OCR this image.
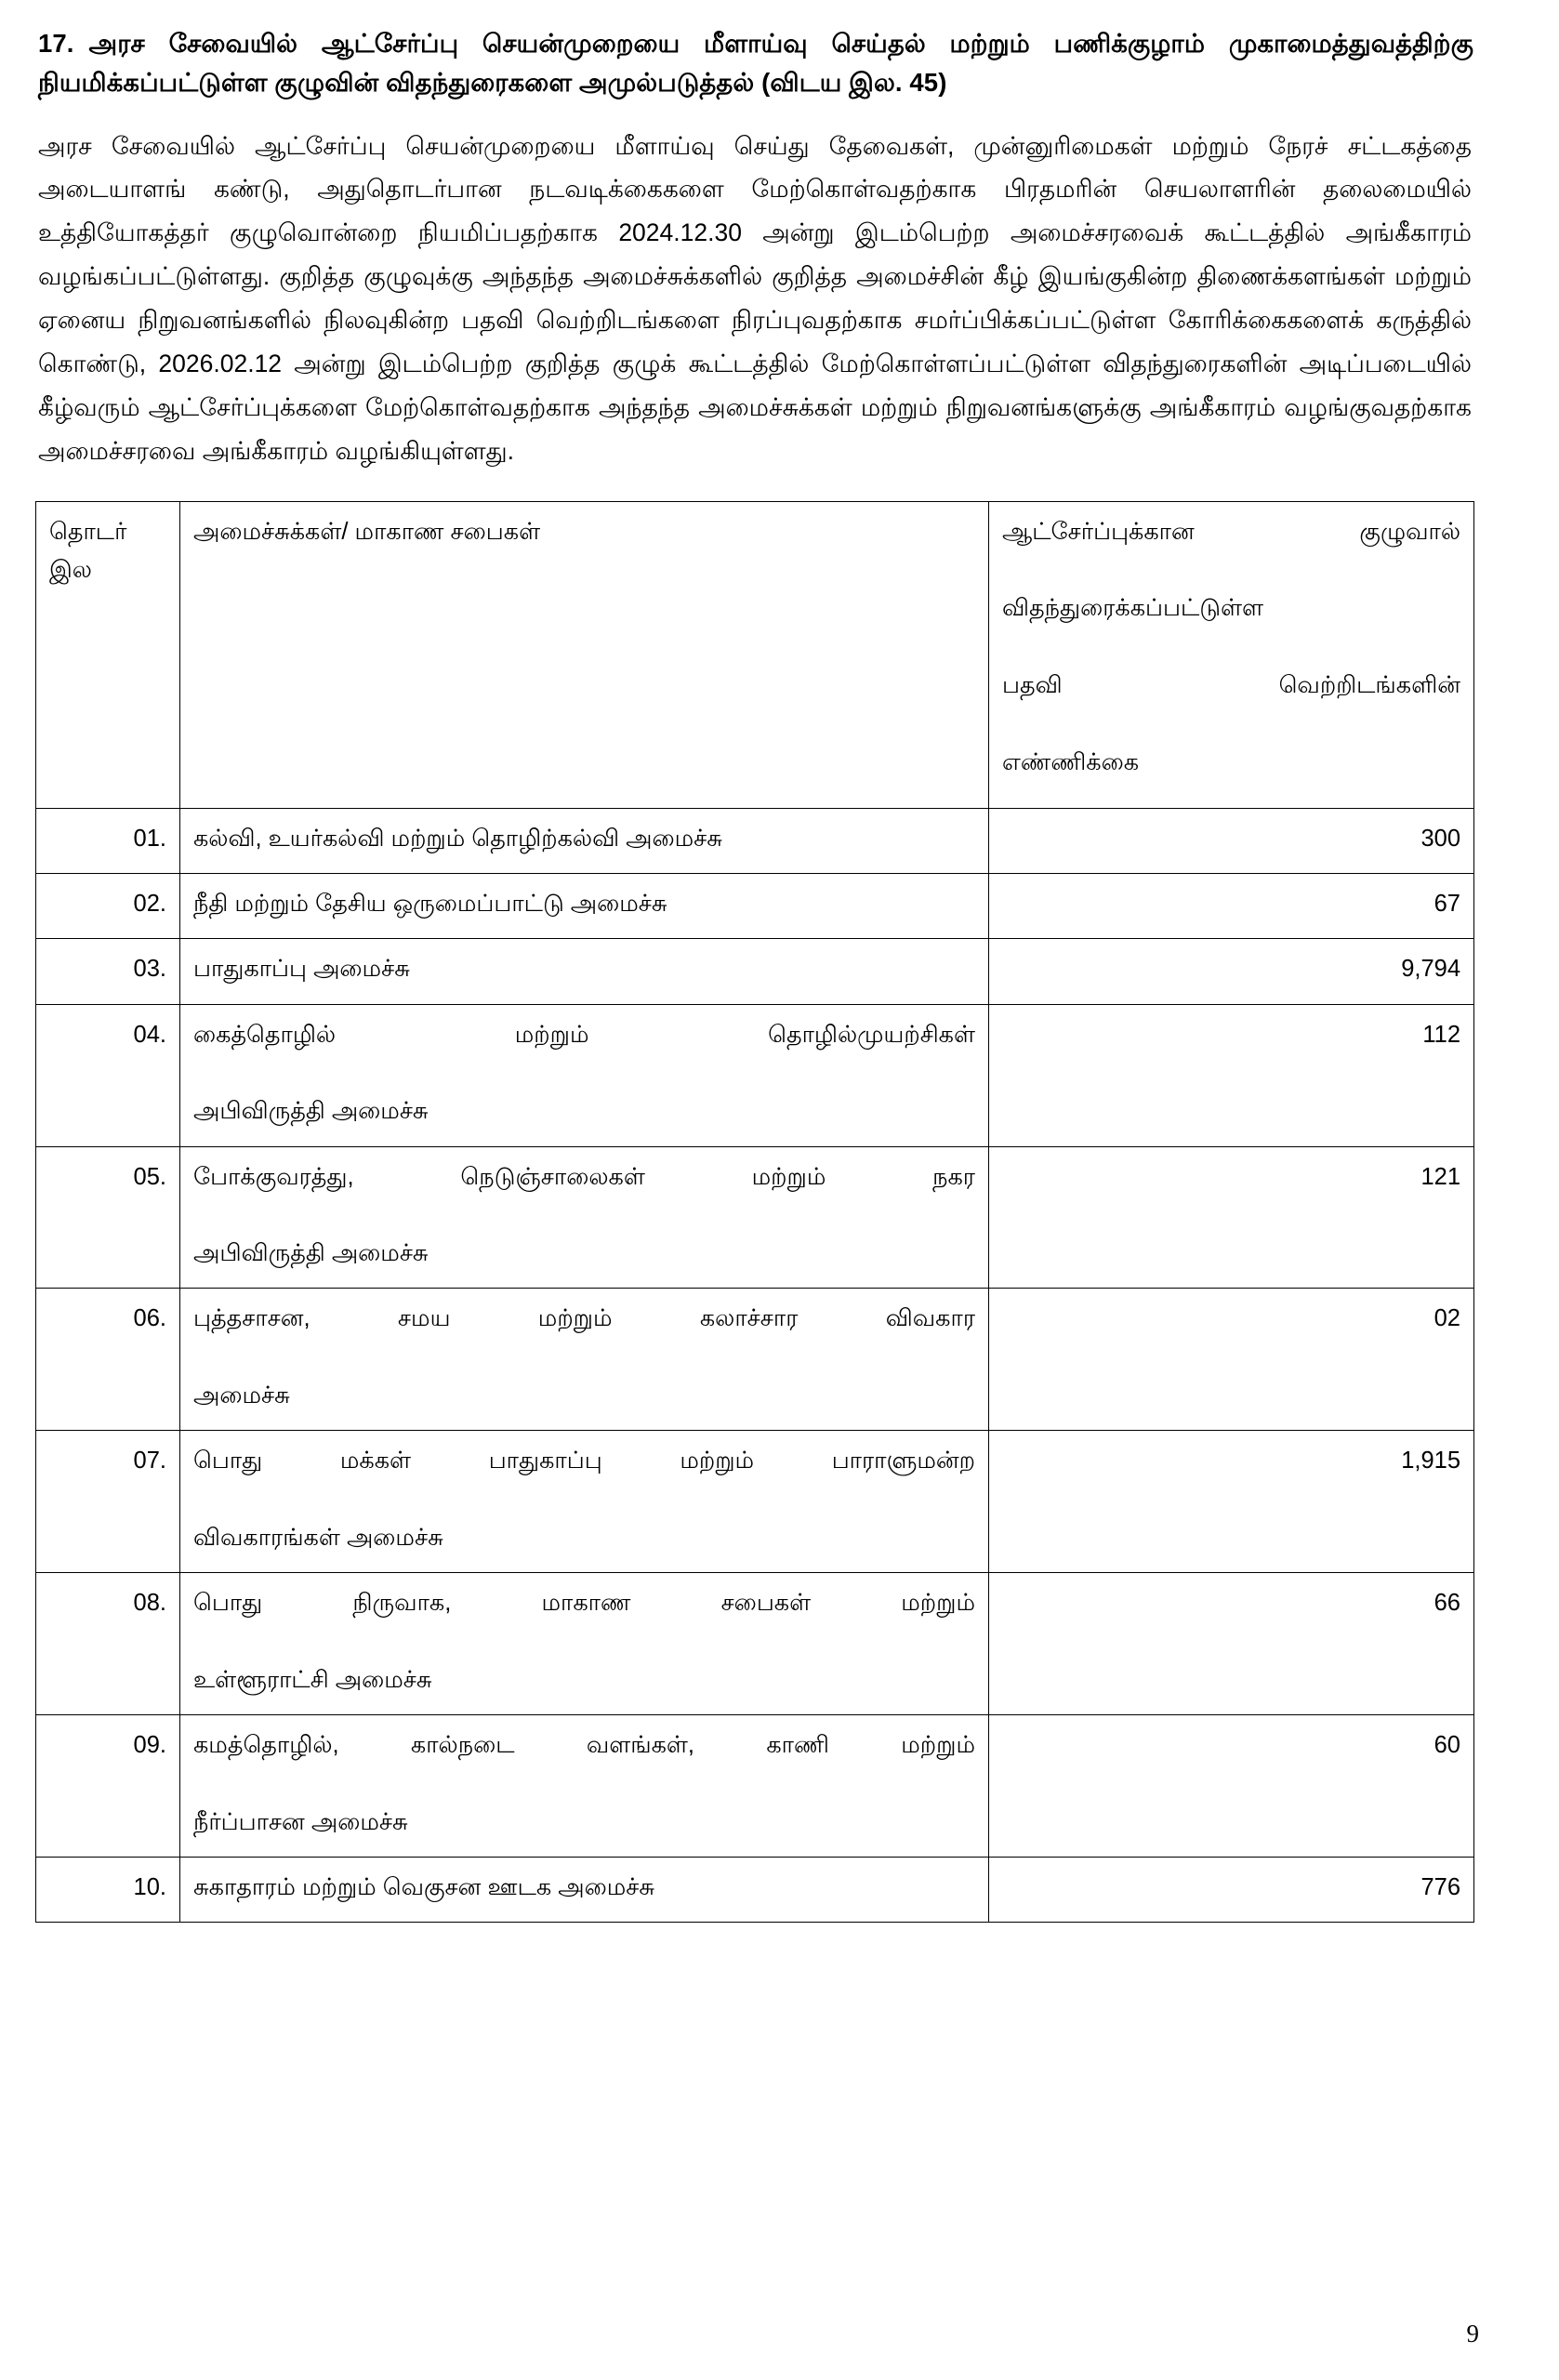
17. அரச சேவையில் ஆட்சேர்ப்பு செயன்முறையை மீளாய்வு செய்தல் மற்றும் பணிக்குழாம் முகாமைத்துவத்திற்கு நியமிக்கப்பட்டுள்ள குழுவின் விதந்துரைகளை அமுல்படுத்தல் (விடய இல. 45)

அரச சேவையில் ஆட்சேர்ப்பு செயன்முறையை மீளாய்வு செய்து தேவைகள், முன்னுரிமைகள் மற்றும் நேரச் சட்டகத்தை அடையாளங் கண்டு, அதுதொடர்பான நடவடிக்கைகளை மேற்கொள்வதற்காக பிரதமரின் செயலாளரின் தலைமையில் உத்தியோகத்தர் குழுவொன்றை நியமிப்பதற்காக 2024.12.30 அன்று இடம்பெற்ற அமைச்சரவைக் கூட்டத்தில் அங்கீகாரம் வழங்கப்பட்டுள்ளது. குறித்த குழுவுக்கு அந்தந்த அமைச்சுக்களில் குறித்த அமைச்சின் கீழ் இயங்குகின்ற திணைக்களங்கள் மற்றும் ஏனைய நிறுவனங்களில் நிலவுகின்ற பதவி வெற்றிடங்களை நிரப்புவதற்காக சமர்ப்பிக்கப்பட்டுள்ள கோரிக்கைகளைக் கருத்தில் கொண்டு, 2026.02.12 அன்று இடம்பெற்ற குறித்த குழுக் கூட்டத்தில் மேற்கொள்ளப்பட்டுள்ள விதந்துரைகளின் அடிப்படையில் கீழ்வரும் ஆட்சேர்ப்புக்களை மேற்கொள்வதற்காக அந்தந்த அமைச்சுக்கள் மற்றும் நிறுவனங்களுக்கு அங்கீகாரம் வழங்குவதற்காக அமைச்சரவை அங்கீகாரம் வழங்கியுள்ளது.

தொடர்
இல	அமைச்சுக்கள்/ மாகாண சபைகள்	ஆட்சேர்ப்புக்கான குழுவால்
விதந்துரைக்கப்பட்டுள்ள
பதவி வெற்றிடங்களின்
எண்ணிக்கை

01.	கல்வி, உயர்கல்வி மற்றும் தொழிற்கல்வி அமைச்சு	300
02.	நீதி மற்றும் தேசிய ஒருமைப்பாட்டு அமைச்சு	67
03.	பாதுகாப்பு அமைச்சு	9,794
04.	கைத்தொழில் மற்றும் தொழில்முயற்சிகள்
அபிவிருத்தி அமைச்சு	112
05.	போக்குவரத்து, நெடுஞ்சாலைகள் மற்றும் நகர
அபிவிருத்தி அமைச்சு	121
06.	புத்தசாசன, சமய மற்றும் கலாச்சார விவகார
அமைச்சு	02
07.	பொது மக்கள் பாதுகாப்பு மற்றும் பாராளுமன்ற
விவகாரங்கள் அமைச்சு	1,915
08.	பொது நிருவாக, மாகாண சபைகள் மற்றும்
உள்ளூராட்சி அமைச்சு	66
09.	கமத்தொழில், கால்நடை வளங்கள், காணி மற்றும்
நீர்ப்பாசன அமைச்சு	60
10.	சுகாதாரம் மற்றும் வெகுசன ஊடக அமைச்சு	776
9
